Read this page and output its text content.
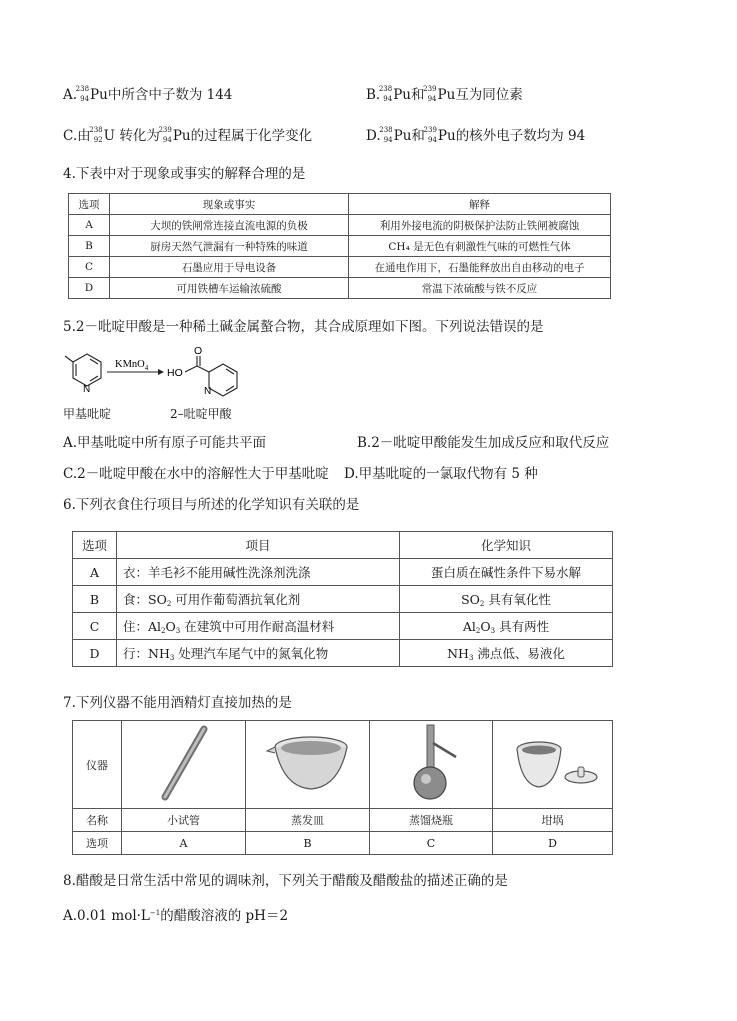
A.
238
94 Pu中所含中子数为 144	B.
238
94 Pu和
239
94 Pu互为同位素
C.由
238
92 U 转化为
239
94 Pu的过程属于化学变化	D.
238
94 Pu和
239
94 Pu的核外电子数均为 94
4.下表中对于现象或事实的解释合理的是
选项	现象或事实	解释
A	大坝的铁闸常连接直流电源的负极	利用外接电流的阴极保护法防止铁闸被腐蚀
B	厨房天然气泄漏有一种特殊的味道	CH₄ 是无色有刺激性气味的可燃性气体
C	石墨应用于导电设备	在通电作用下，石墨能释放出自由移动的电子
D	可用铁槽车运输浓硫酸	常温下浓硫酸与铁不反应
5.2－吡啶甲酸是一种稀土碱金属螯合物，其合成原理如下图。下列说法错误的是
N
KMnO$_4$ HO
O
N
甲基吡啶	2–吡啶甲酸
A.甲基吡啶中所有原子可能共平面	B.2－吡啶甲酸能发生加成反应和取代反应
C.2－吡啶甲酸在水中的溶解性大于甲基吡啶 D.甲基吡啶的一氯取代物有 5 种
6.下列衣食住行项目与所述的化学知识有关联的是
选项	项目	化学知识
A	衣：羊毛衫不能用碱性洗涤剂洗涤	蛋白质在碱性条件下易水解
B	食：SO2 可用作葡萄酒抗氧化剂	SO2 具有氧化性
C	住：Al2O3 在建筑中可用作耐高温材料	Al2O3 具有两性
D	行：NH3 处理汽车尾气中的氮氧化物	NH3 沸点低、易液化
7.下列仪器不能用酒精灯直接加热的是
仪器				
名称	小试管	蒸发皿	蒸馏烧瓶	坩埚
选项	A	B	C	D
8.醋酸是日常生活中常见的调味剂，下列关于醋酸及醋酸盐的描述正确的是
A.0.01 $mol\cdot L^{-1}$的醋酸溶液的 pH＝2
